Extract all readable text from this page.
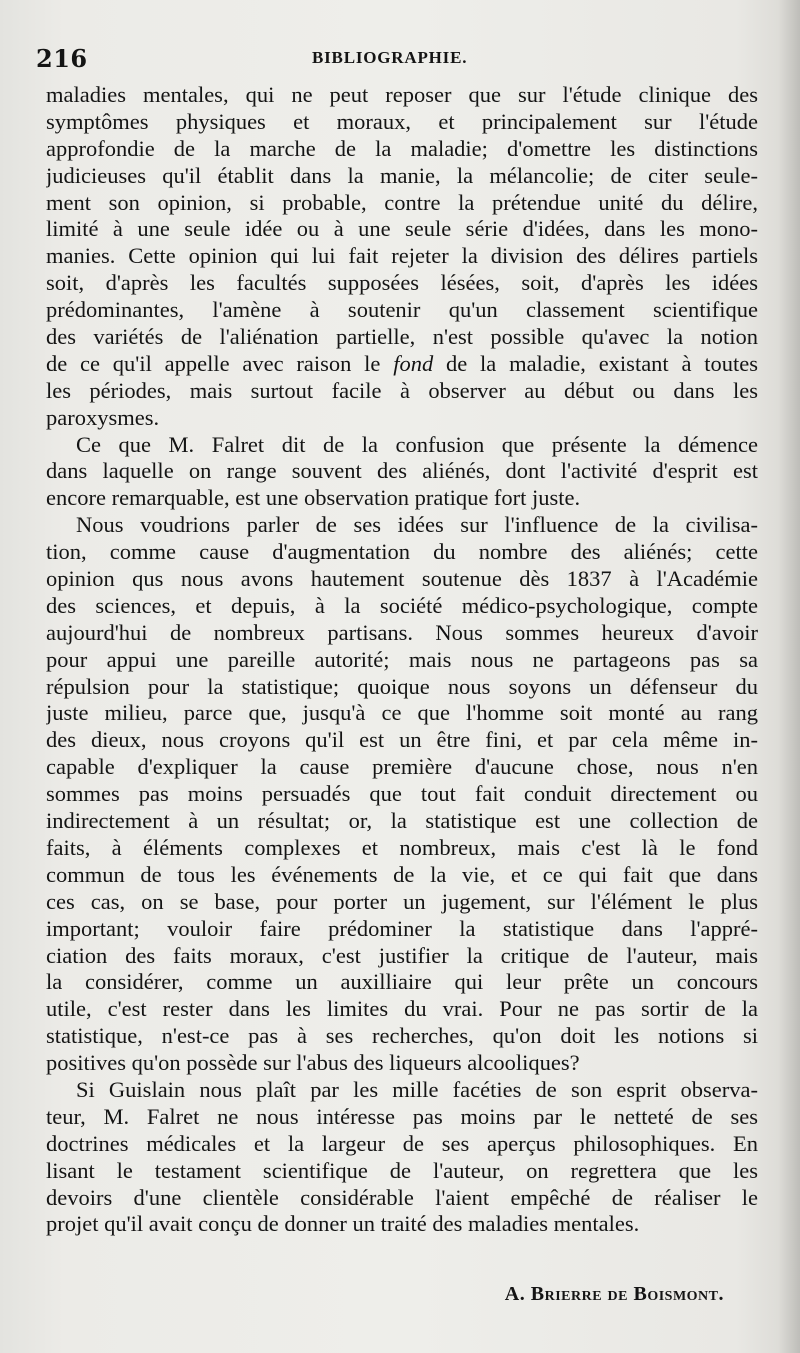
216	BIBLIOGRAPHIE.
maladies mentales, qui ne peut reposer que sur l'étude clinique des
symptômes physiques et moraux, et principalement sur l'étude
approfondie de la marche de la maladie; d'omettre les distinctions
judicieuses qu'il établit dans la manie, la mélancolie; de citer seule-
ment son opinion, si probable, contre la prétendue unité du délire,
limité à une seule idée ou à une seule série d'idées, dans les mono-
manies. Cette opinion qui lui fait rejeter la division des délires partiels
soit, d'après les facultés supposées lésées, soit, d'après les idées
prédominantes, l'amène à soutenir qu'un classement scientifique
des variétés de l'aliénation partielle, n'est possible qu'avec la notion
de ce qu'il appelle avec raison le fond de la maladie, existant à toutes
les périodes, mais surtout facile à observer au début ou dans les
paroxysmes.
Ce que M. Falret dit de la confusion que présente la démence
dans laquelle on range souvent des aliénés, dont l'activité d'esprit est
encore remarquable, est une observation pratique fort juste.
Nous voudrions parler de ses idées sur l'influence de la civilisa-
tion, comme cause d'augmentation du nombre des aliénés; cette
opinion qus nous avons hautement soutenue dès 1837 à l'Académie
des sciences, et depuis, à la société médico-psychologique, compte
aujourd'hui de nombreux partisans. Nous sommes heureux d'avoir
pour appui une pareille autorité; mais nous ne partageons pas sa
répulsion pour la statistique; quoique nous soyons un défenseur du
juste milieu, parce que, jusqu'à ce que l'homme soit monté au rang
des dieux, nous croyons qu'il est un être fini, et par cela même in-
capable d'expliquer la cause première d'aucune chose, nous n'en
sommes pas moins persuadés que tout fait conduit directement ou
indirectement à un résultat; or, la statistique est une collection de
faits, à éléments complexes et nombreux, mais c'est là le fond
commun de tous les événements de la vie, et ce qui fait que dans
ces cas, on se base, pour porter un jugement, sur l'élément le plus
important; vouloir faire prédominer la statistique dans l'appré-
ciation des faits moraux, c'est justifier la critique de l'auteur, mais
la considérer, comme un auxilliaire qui leur prête un concours
utile, c'est rester dans les limites du vrai. Pour ne pas sortir de la
statistique, n'est-ce pas à ses recherches, qu'on doit les notions si
positives qu'on possède sur l'abus des liqueurs alcooliques?
Si Guislain nous plaît par les mille facéties de son esprit observa-
teur, M. Falret ne nous intéresse pas moins par le netteté de ses
doctrines médicales et la largeur de ses aperçus philosophiques. En
lisant le testament scientifique de l'auteur, on regrettera que les
devoirs d'une clientèle considérable l'aient empêché de réaliser le
projet qu'il avait conçu de donner un traité des maladies mentales.
A. Brierre de Boismont.
